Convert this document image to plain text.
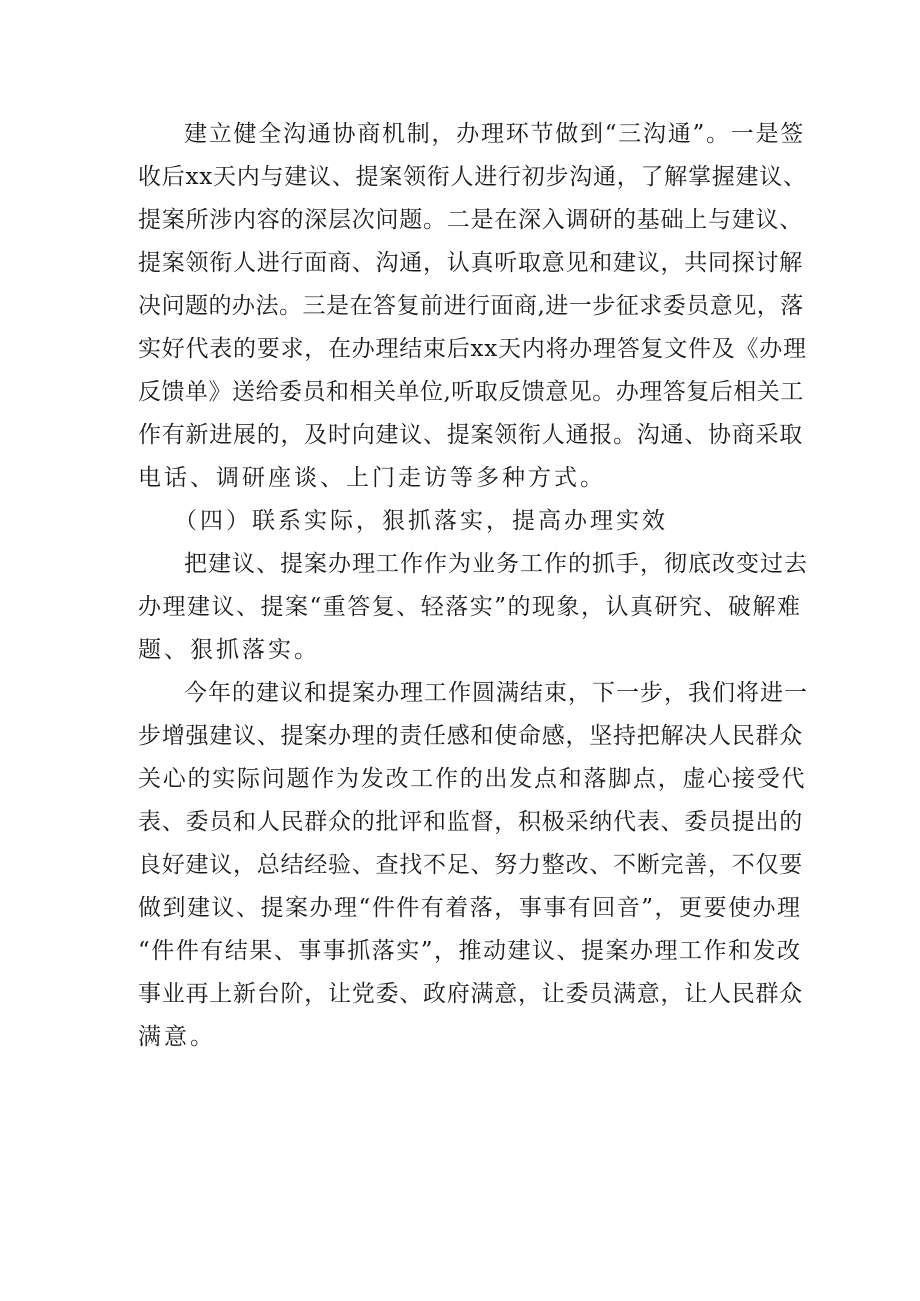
建立健全沟通协商机制，办理环节做到“三沟通”。一是签
收后xx天内与建议、提案领衔人进行初步沟通，了解掌握建议、
提案所涉内容的深层次问题。二是在深入调研的基础上与建议、
提案领衔人进行面商、沟通，认真听取意见和建议，共同探讨解
决问题的办法。三是在答复前进行面商,进一步征求委员意见，落
实好代表的要求，在办理结束后xx天内将办理答复文件及《办理
反馈单》送给委员和相关单位,听取反馈意见。办理答复后相关工
作有新进展的，及时向建议、提案领衔人通报。沟通、协商采取
电话、调研座谈、上门走访等多种方式。
（四）联系实际，狠抓落实，提高办理实效
把建议、提案办理工作作为业务工作的抓手，彻底改变过去
办理建议、提案“重答复、轻落实”的现象，认真研究、破解难
题、狠抓落实。
今年的建议和提案办理工作圆满结束，下一步，我们将进一
步增强建议、提案办理的责任感和使命感，坚持把解决人民群众
关心的实际问题作为发改工作的出发点和落脚点，虚心接受代
表、委员和人民群众的批评和监督，积极采纳代表、委员提出的
良好建议，总结经验、查找不足、努力整改、不断完善，不仅要
做到建议、提案办理“件件有着落，事事有回音”，更要使办理
“件件有结果、事事抓落实”，推动建议、提案办理工作和发改
事业再上新台阶，让党委、政府满意，让委员满意，让人民群众
满意。
